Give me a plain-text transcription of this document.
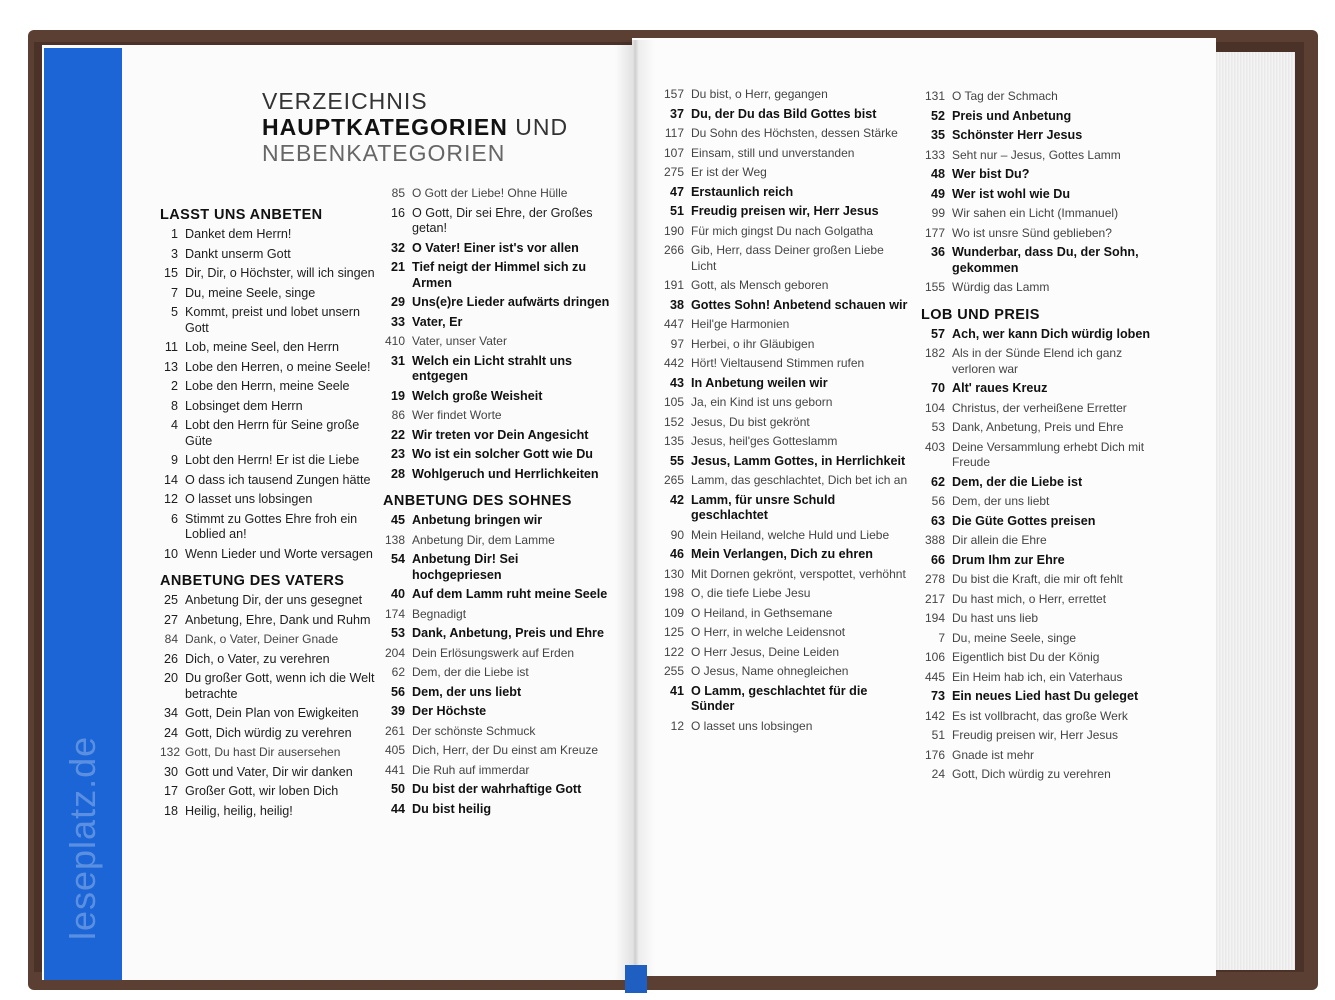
leseplatz.de
VERZEICHNIS
HAUPTKATEGORIEN UND
NEBENKATEGORIEN
LASST UNS ANBETEN
1 Danket dem Herrn!
3 Dankt unserm Gott
15 Dir, Dir, o Höchster, will ich singen
7 Du, meine Seele, singe
5 Kommt, preist und lobet unsern Gott
11 Lob, meine Seel, den Herrn
13 Lobe den Herren, o meine Seele!
2 Lobe den Herrn, meine Seele
8 Lobsinget dem Herrn
4 Lobt den Herrn für Seine große Güte
9 Lobt den Herrn! Er ist die Liebe
14 O dass ich tausend Zungen hätte
12 O lasset uns lobsingen
6 Stimmt zu Gottes Ehre froh ein Loblied an!
10 Wenn Lieder und Worte versagen
ANBETUNG DES VATERS
25 Anbetung Dir, der uns gesegnet
27 Anbetung, Ehre, Dank und Ruhm
84 Dank, o Vater, Deiner Gnade
26 Dich, o Vater, zu verehren
20 Du großer Gott, wenn ich die Welt betrachte
34 Gott, Dein Plan von Ewigkeiten
24 Gott, Dich würdig zu verehren
132 Gott, Du hast Dir ausersehen
30 Gott und Vater, Dir wir danken
17 Großer Gott, wir loben Dich
18 Heilig, heilig, heilig!
85 O Gott der Liebe! Ohne Hülle
16 O Gott, Dir sei Ehre, der Großes getan!
32 O Vater! Einer ist's vor allen
21 Tief neigt der Himmel sich zu Armen
29 Uns(e)re Lieder aufwärts dringen
33 Vater, Er
410 Vater, unser Vater
31 Welch ein Licht strahlt uns entgegen
19 Welch große Weisheit
86 Wer findet Worte
22 Wir treten vor Dein Angesicht
23 Wo ist ein solcher Gott wie Du
28 Wohlgeruch und Herrlichkeiten
ANBETUNG DES SOHNES
45 Anbetung bringen wir
138 Anbetung Dir, dem Lamme
54 Anbetung Dir! Sei hochgepriesen
40 Auf dem Lamm ruht meine Seele
174 Begnadigt
53 Dank, Anbetung, Preis und Ehre
204 Dein Erlösungswerk auf Erden
62 Dem, der die Liebe ist
56 Dem, der uns liebt
39 Der Höchste
261 Der schönste Schmuck
405 Dich, Herr, der Du einst am Kreuze
441 Die Ruh auf immerdar
50 Du bist der wahrhaftige Gott
44 Du bist heilig
157 Du bist, o Herr, gegangen
37 Du, der Du das Bild Gottes bist
117 Du Sohn des Höchsten, dessen Stärke
107 Einsam, still und unverstanden
275 Er ist der Weg
47 Erstaunlich reich
51 Freudig preisen wir, Herr Jesus
190 Für mich gingst Du nach Golgatha
266 Gib, Herr, dass Deiner großen Liebe Licht
191 Gott, als Mensch geboren
38 Gottes Sohn! Anbetend schauen wir
447 Heil'ge Harmonien
97 Herbei, o ihr Gläubigen
442 Hört! Vieltausend Stimmen rufen
43 In Anbetung weilen wir
105 Ja, ein Kind ist uns geborn
152 Jesus, Du bist gekrönt
135 Jesus, heil'ges Gotteslamm
55 Jesus, Lamm Gottes, in Herrlichkeit
265 Lamm, das geschlachtet, Dich bet ich an
42 Lamm, für unsre Schuld geschlachtet
90 Mein Heiland, welche Huld und Liebe
46 Mein Verlangen, Dich zu ehren
130 Mit Dornen gekrönt, verspottet, verhöhnt
198 O, die tiefe Liebe Jesu
109 O Heiland, in Gethsemane
125 O Herr, in welche Leidensnot
122 O Herr Jesus, Deine Leiden
255 O Jesus, Name ohnegleichen
41 O Lamm, geschlachtet für die Sünder
12 O lasset uns lobsingen
131 O Tag der Schmach
52 Preis und Anbetung
35 Schönster Herr Jesus
133 Seht nur – Jesus, Gottes Lamm
48 Wer bist Du?
49 Wer ist wohl wie Du
99 Wir sahen ein Licht (Immanuel)
177 Wo ist unsre Sünd geblieben?
36 Wunderbar, dass Du, der Sohn, gekommen
155 Würdig das Lamm
LOB UND PREIS
57 Ach, wer kann Dich würdig loben
182 Als in der Sünde Elend ich ganz verloren war
70 Alt' raues Kreuz
104 Christus, der verheißene Erretter
53 Dank, Anbetung, Preis und Ehre
403 Deine Versammlung erhebt Dich mit Freude
62 Dem, der die Liebe ist
56 Dem, der uns liebt
63 Die Güte Gottes preisen
388 Dir allein die Ehre
66 Drum Ihm zur Ehre
278 Du bist die Kraft, die mir oft fehlt
217 Du hast mich, o Herr, errettet
194 Du hast uns lieb
7 Du, meine Seele, singe
106 Eigentlich bist Du der König
445 Ein Heim hab ich, ein Vaterhaus
73 Ein neues Lied hast Du geleget
142 Es ist vollbracht, das große Werk
51 Freudig preisen wir, Herr Jesus
176 Gnade ist mehr
24 Gott, Dich würdig zu verehren
